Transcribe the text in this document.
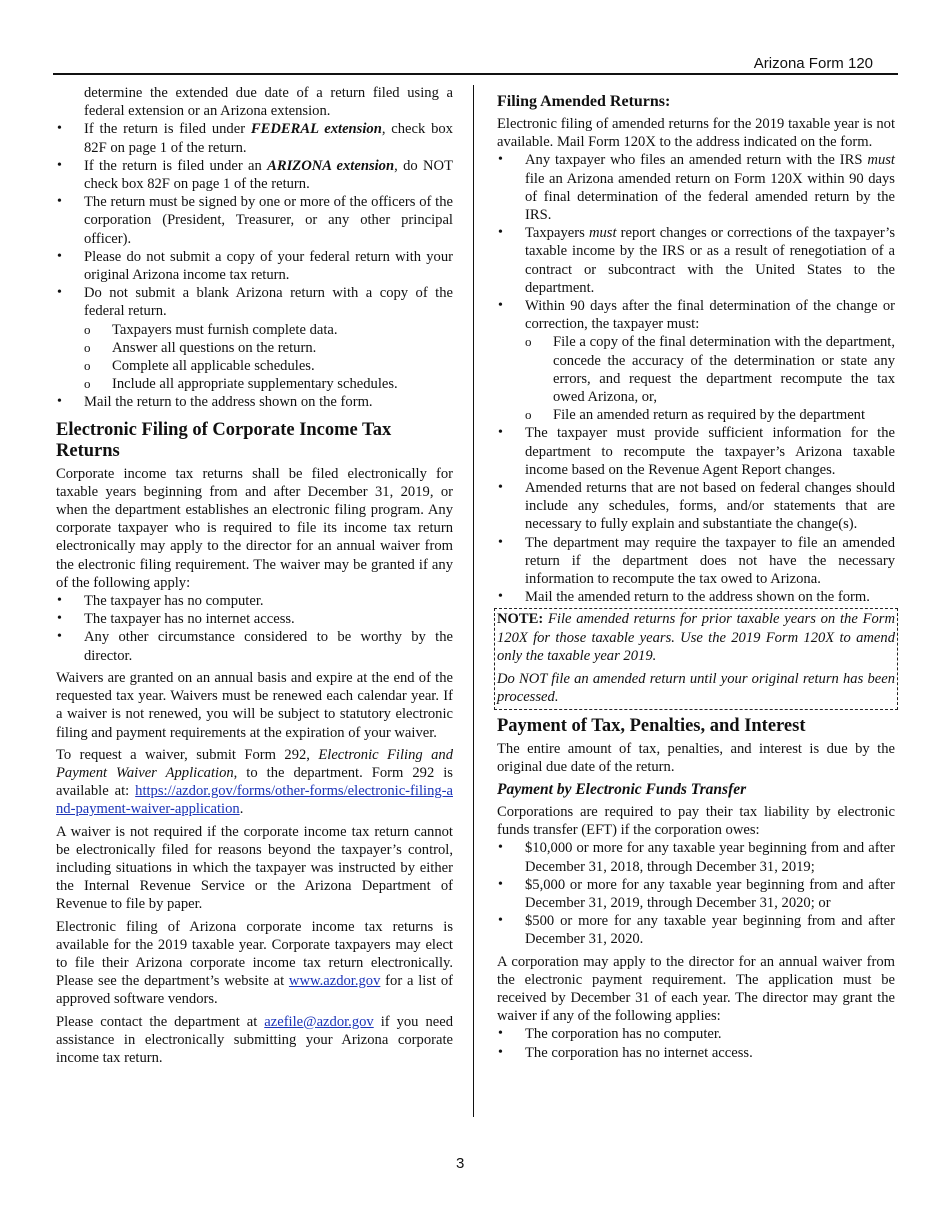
Arizona Form 120

determine the extended due date of a return filed using a federal extension or an Arizona extension.

• If the return is filed under FEDERAL extension, check box 82F on page 1 of the return.
• If the return is filed under an ARIZONA extension, do NOT check box 82F on page 1 of the return.
• The return must be signed by one or more of the officers of the corporation (President, Treasurer, or any other principal officer).
• Please do not submit a copy of your federal return with your original Arizona income tax return.
• Do not submit a blank Arizona return with a copy of the federal return.
o Taxpayers must furnish complete data.
o Answer all questions on the return.
o Complete all applicable schedules.
o Include all appropriate supplementary schedules.
• Mail the return to the address shown on the form.
Electronic Filing of Corporate Income Tax Returns

Corporate income tax returns shall be filed electronically for taxable years beginning from and after December 31, 2019, or when the department establishes an electronic filing program. Any corporate taxpayer who is required to file its income tax return electronically may apply to the director for an annual waiver from the electronic filing requirement. The waiver may be granted if any of the following apply:

• The taxpayer has no computer.
• The taxpayer has no internet access.
• Any other circumstance considered to be worthy by the director.

Waivers are granted on an annual basis and expire at the end of the requested tax year. Waivers must be renewed each calendar year. If a waiver is not renewed, you will be subject to statutory electronic filing and payment requirements at the expiration of your waiver.

To request a waiver, submit Form 292, Electronic Filing and Payment Waiver Application, to the department. Form 292 is available at: https://azdor.gov/forms/other-forms/electronic-filing-and-payment-waiver-application.

A waiver is not required if the corporate income tax return cannot be electronically filed for reasons beyond the taxpayer’s control, including situations in which the taxpayer was instructed by either the Internal Revenue Service or the Arizona Department of Revenue to file by paper.

Electronic filing of Arizona corporate income tax returns is available for the 2019 taxable year. Corporate taxpayers may elect to file their Arizona corporate income tax return electronically. Please see the department’s website at www.azdor.gov for a list of approved software vendors.

Please contact the department at azefile@azdor.gov if you need assistance in electronically submitting your Arizona corporate income tax return.

Filing Amended Returns:

Electronic filing of amended returns for the 2019 taxable year is not available. Mail Form 120X to the address indicated on the form.

• Any taxpayer who files an amended return with the IRS must file an Arizona amended return on Form 120X within 90 days of final determination of the federal amended return by the IRS.
• Taxpayers must report changes or corrections of the taxpayer’s taxable income by the IRS or as a result of renegotiation of a contract or subcontract with the United States to the department.
• Within 90 days after the final determination of the change or correction, the taxpayer must:
o File a copy of the final determination with the department, concede the accuracy of the determination or state any errors, and request the department recompute the tax owed Arizona, or,
o File an amended return as required by the department
• The taxpayer must provide sufficient information for the department to recompute the taxpayer’s Arizona taxable income based on the Revenue Agent Report changes.
• Amended returns that are not based on federal changes should include any schedules, forms, and/or statements that are necessary to fully explain and substantiate the change(s).
• The department may require the taxpayer to file an amended return if the department does not have the necessary information to recompute the tax owed to Arizona.
• Mail the amended return to the address shown on the form.

NOTE: File amended returns for prior taxable years on the Form 120X for those taxable years. Use the 2019 Form 120X to amend only the taxable year 2019.

Do NOT file an amended return until your original return has been processed.

Payment of Tax, Penalties, and Interest

The entire amount of tax, penalties, and interest is due by the original due date of the return.

Payment by Electronic Funds Transfer

Corporations are required to pay their tax liability by electronic funds transfer (EFT) if the corporation owes:

• $10,000 or more for any taxable year beginning from and after December 31, 2018, through December 31, 2019;
• $5,000 or more for any taxable year beginning from and after December 31, 2019, through December 31, 2020; or
• $500 or more for any taxable year beginning from and after December 31, 2020.

A corporation may apply to the director for an annual waiver from the electronic payment requirement. The application must be received by December 31 of each year. The director may grant the waiver if any of the following applies:

• The corporation has no computer.
• The corporation has no internet access.
3
